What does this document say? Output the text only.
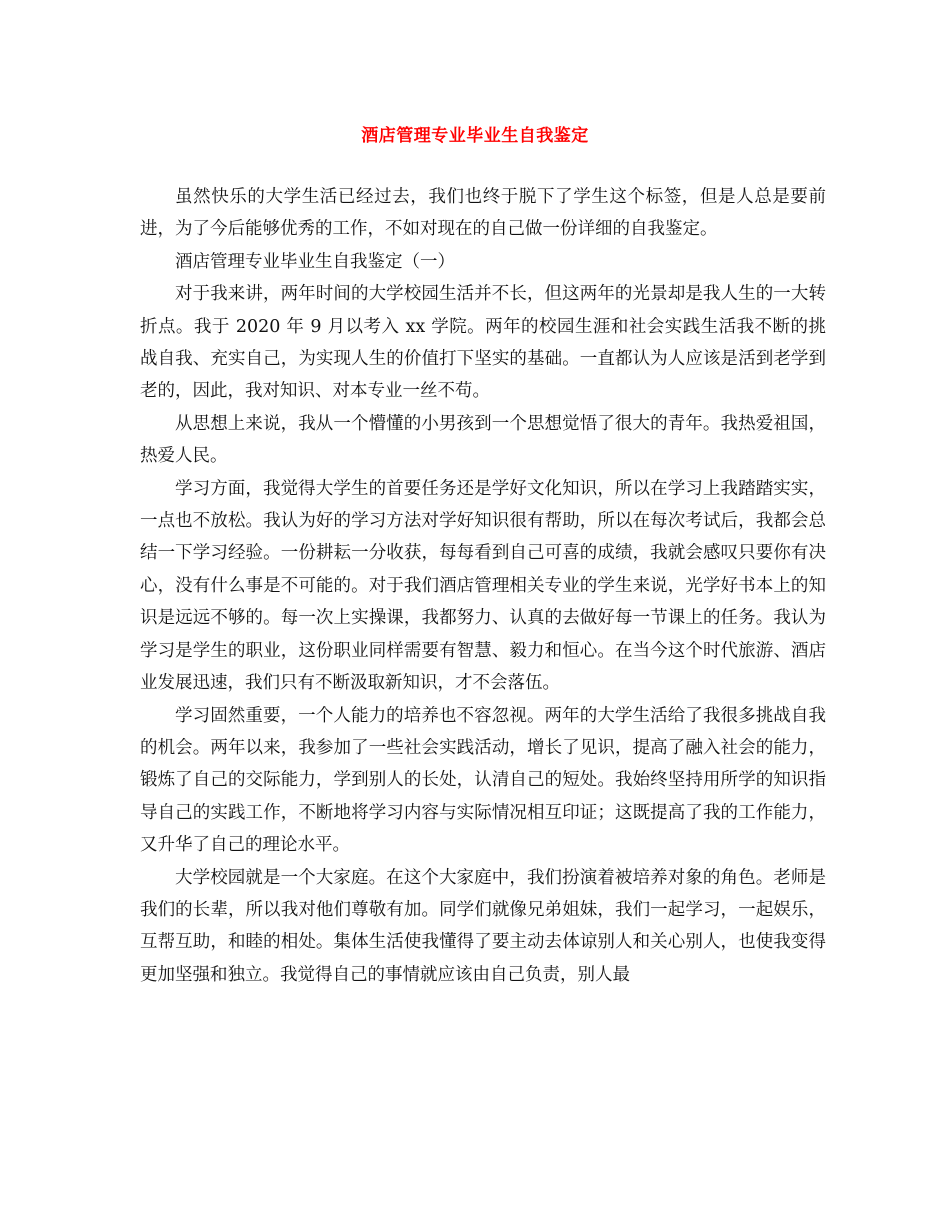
酒店管理专业毕业生自我鉴定

虽然快乐的大学生活已经过去，我们也终于脱下了学生这个标签，但是人总是要前进，为了今后能够优秀的工作，不如对现在的自己做一份详细的自我鉴定。

酒店管理专业毕业生自我鉴定（一）

对于我来讲，两年时间的大学校园生活并不长，但这两年的光景却是我人生的一大转折点。我于 2020 年 9 月以考入 xx 学院。两年的校园生涯和社会实践生活我不断的挑战自我、充实自己，为实现人生的价值打下坚实的基础。一直都认为人应该是活到老学到老的，因此，我对知识、对本专业一丝不苟。

从思想上来说，我从一个懵懂的小男孩到一个思想觉悟了很大的青年。我热爱祖国，热爱人民。

学习方面，我觉得大学生的首要任务还是学好文化知识，所以在学习上我踏踏实实，一点也不放松。我认为好的学习方法对学好知识很有帮助，所以在每次考试后，我都会总结一下学习经验。一份耕耘一分收获，每每看到自己可喜的成绩，我就会感叹只要你有决心，没有什么事是不可能的。对于我们酒店管理相关专业的学生来说，光学好书本上的知识是远远不够的。每一次上实操课，我都努力、认真的去做好每一节课上的任务。我认为学习是学生的职业，这份职业同样需要有智慧、毅力和恒心。在当今这个时代旅游、酒店业发展迅速，我们只有不断汲取新知识，才不会落伍。

学习固然重要，一个人能力的培养也不容忽视。两年的大学生活给了我很多挑战自我的机会。两年以来，我参加了一些社会实践活动，增长了见识，提高了融入社会的能力，锻炼了自己的交际能力，学到别人的长处，认清自己的短处。我始终坚持用所学的知识指导自己的实践工作，不断地将学习内容与实际情况相互印证；这既提高了我的工作能力，又升华了自己的理论水平。

大学校园就是一个大家庭。在这个大家庭中，我们扮演着被培养对象的角色。老师是我们的长辈，所以我对他们尊敬有加。同学们就像兄弟姐妹，我们一起学习，一起娱乐，互帮互助，和睦的相处。集体生活使我懂得了要主动去体谅别人和关心别人，也使我变得更加坚强和独立。我觉得自己的事情就应该由自己负责，别人最
